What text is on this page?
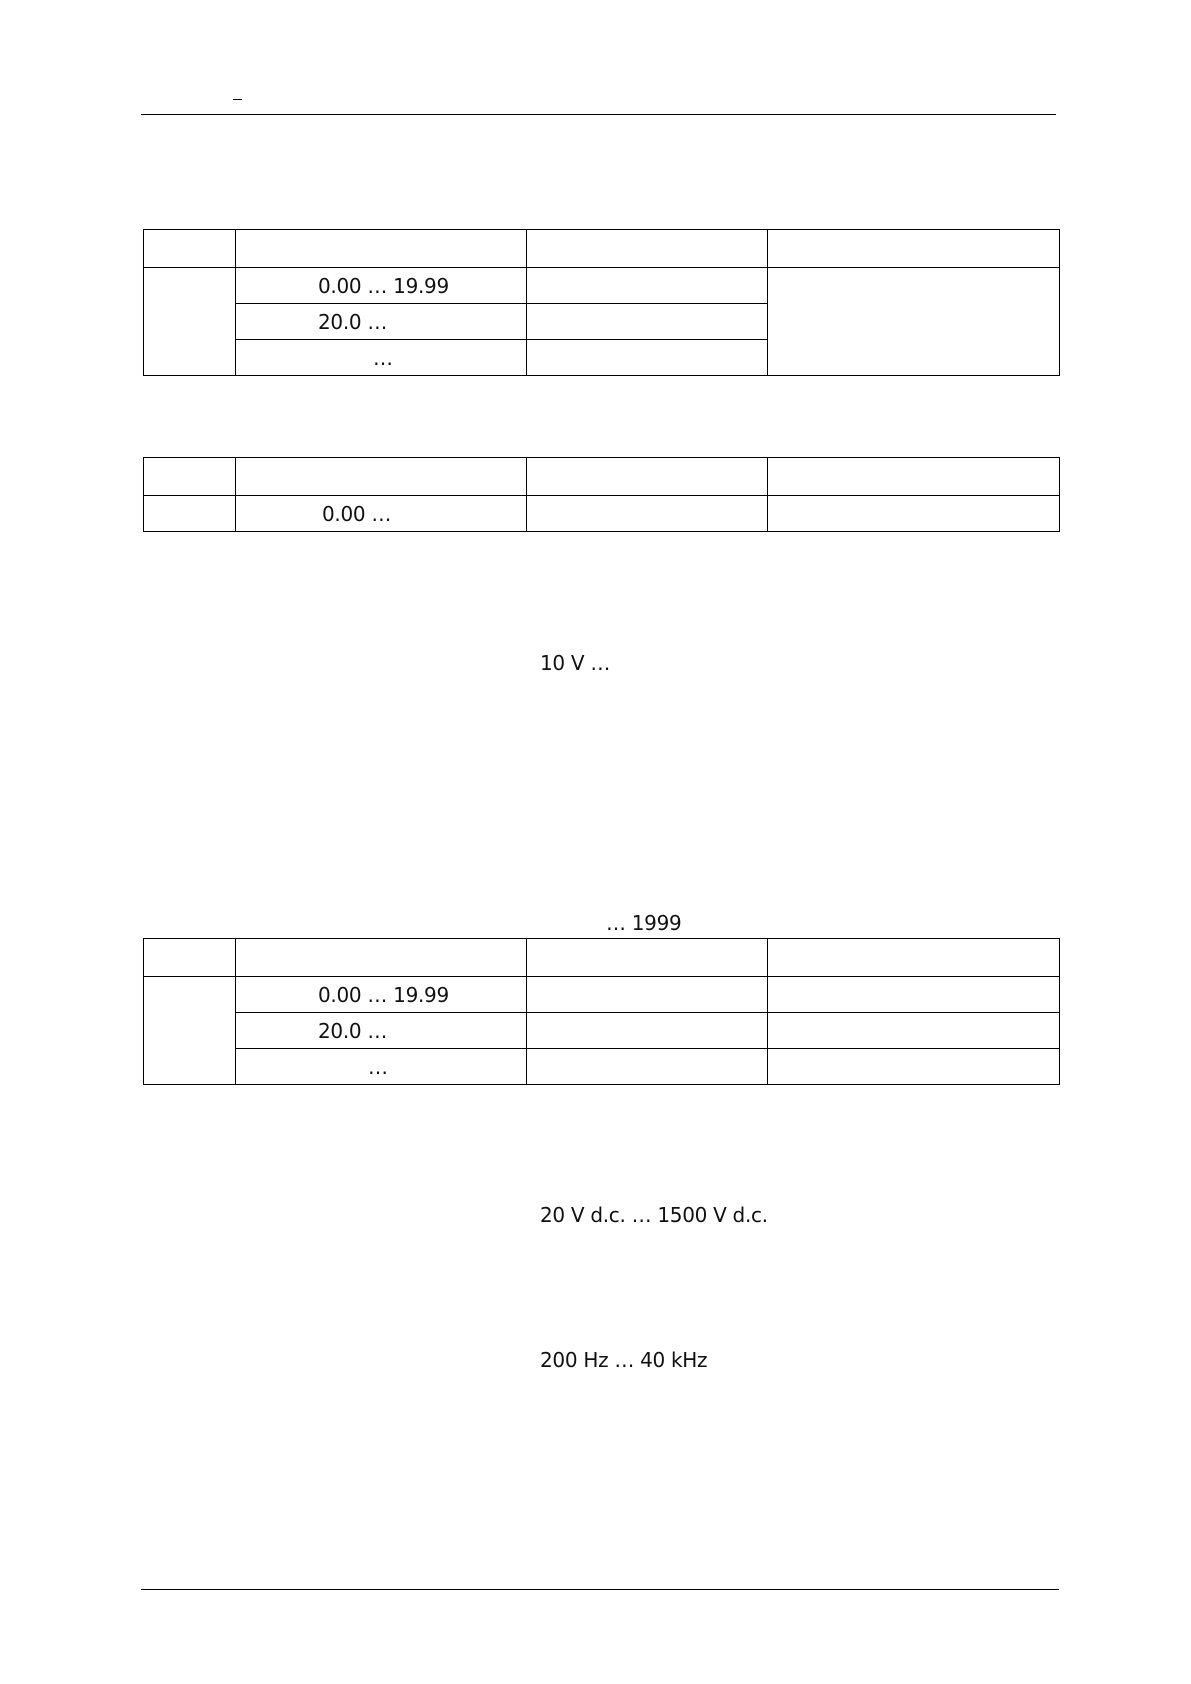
	0.00 … 19.99		
	20.0 …		
	…		

	0.00 …		
10 V …
… 1999

	0.00 … 19.99		
	20.0 …		
	…		
20 V d.c. … 1500 V d.c.
200 Hz … 40 kHz
